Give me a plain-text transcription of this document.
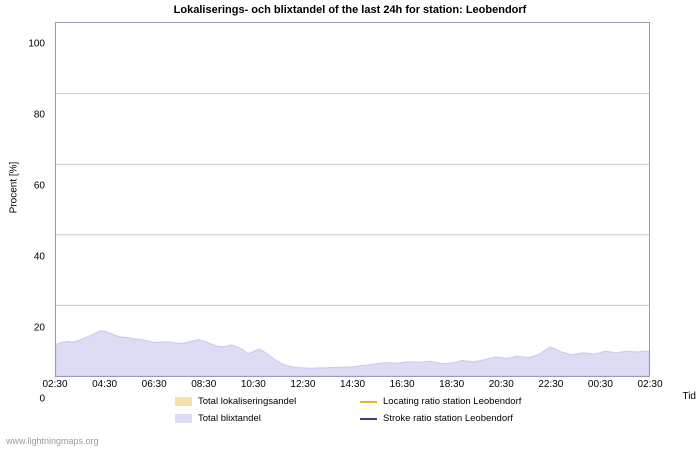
Lokaliserings- och blixtandel of the last 24h for station: Leobendorf
Procent [%]
0
20
40
60
80
100
02:30 04:30 06:30 08:30 10:30 12:30 14:30 16:30 18:30 20:30 22:30 00:30 02:30
Tid
Total lokaliseringsandel	Locating ratio station Leobendorf
Total blixtandel	Stroke ratio station Leobendorf
www.lightningmaps.org
